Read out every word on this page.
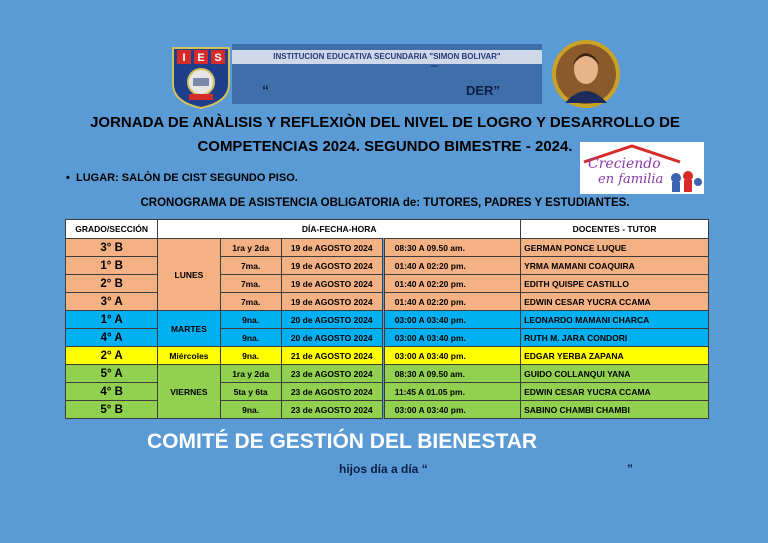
INSTITUCION EDUCATIVA SECUNDARIA "SIMON BOLIVAR"
“
–
DER”
I E S
JORNADA DE ANÀLISIS Y REFLEXIÒN DEL NIVEL DE LOGRO Y DESARROLLO DE
COMPETENCIAS 2024. SEGUNDO BIMESTRE - 2024.
Creciendo
en familia
•  LUGAR: SALÒN DE CIST SEGUNDO PISO.
CRONOGRAMA DE ASISTENCIA OBLIGATORIA de: TUTORES, PADRES Y ESTUDIANTES.
GRADO/SECCIÓN	DÍA-FECHA-HORA				DOCENTES - TUTOR
3° B	LUNES	1ra y 2da	19 de AGOSTO 2024	08:30 A 09.50 am.	GERMAN PONCE LUQUE
1° B		7ma.	19 de AGOSTO 2024	01:40 A 02:20 pm.	YRMA MAMANI COAQUIRA
2° B		7ma.	19 de AGOSTO 2024	01:40 A 02:20 pm.	EDITH QUISPE CASTILLO
3° A		7ma.	19 de AGOSTO 2024	01:40 A 02:20 pm.	EDWIN CESAR YUCRA CCAMA
1° A	MARTES	9na.	20 de AGOSTO 2024	03:00 A 03:40 pm.	LEONARDO MAMANI CHARCA
4° A		9na.	20 de AGOSTO 2024	03:00 A 03:40 pm.	RUTH M. JARA CONDORI
2° A	Miércoles	9na.	21 de AGOSTO 2024	03:00 A 03:40 pm.	EDGAR YERBA ZAPANA
5° A	VIERNES	1ra y 2da	23 de AGOSTO 2024	08:30 A 09.50 am.	GUIDO COLLANQUI YANA
4° B		5ta y 6ta	23 de AGOSTO 2024	11:45 A 01.05 pm.	EDWIN CESAR YUCRA CCAMA
5° B		9na.	23 de AGOSTO 2024	03:00 A 03:40 pm.	SABINO CHAMBI CHAMBI
COMITÉ DE GESTIÓN DEL BIENESTAR
hijos día a día “	”
